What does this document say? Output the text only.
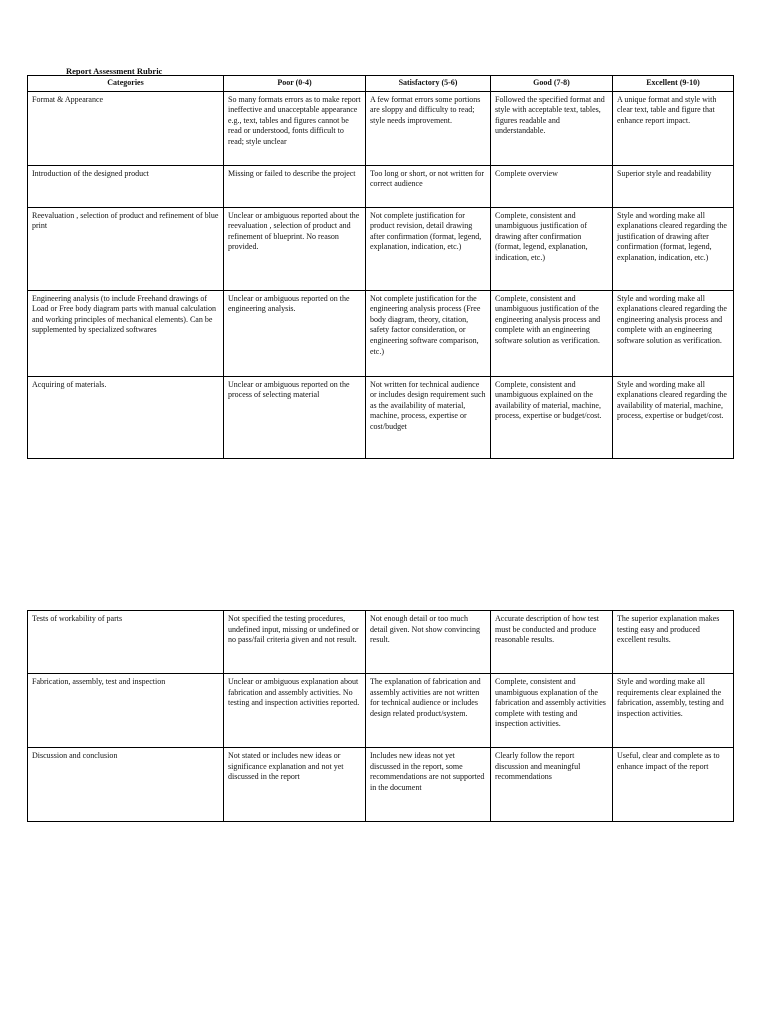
Report Assessment Rubric
Categories	Poor (0-4)	Satisfactory (5-6)	Good (7-8)	Excellent (9-10)
Format & Appearance	So many formats errors as to make report ineffective and unacceptable appearance e.g., text, tables and figures cannot be read or understood, fonts difficult to read; style unclear	A few format errors some portions are sloppy and difficulty to read; style needs improvement.	Followed the specified format and style with acceptable text, tables, figures readable and understandable.	A unique format and style with clear text, table and figure that enhance report impact.
Introduction of the designed product	Missing or failed to describe the project	Too long or short, or not written for correct audience	Complete overview	Superior style and readability
Reevaluation , selection of product and refinement of blue print	Unclear or ambiguous reported about the reevaluation , selection of product and refinement of blueprint. No reason provided.	Not complete justification for product revision, detail drawing after confirmation (format, legend, explanation, indication, etc.)	Complete, consistent and unambiguous justification of drawing after confirmation (format, legend, explanation, indication, etc.)	Style and wording make all explanations cleared regarding the justification of drawing after confirmation (format, legend, explanation, indication, etc.)
Engineering analysis (to include Freehand drawings of Load or Free body diagram parts with manual calculation and working principles of mechanical elements). Can be supplemented by specialized softwares	Unclear or ambiguous reported on the engineering analysis.	Not complete justification for the engineering analysis process (Free body diagram, theory, citation, safety factor consideration, or engineering software comparison, etc.)	Complete, consistent and unambiguous justification of the engineering analysis process and complete with an engineering software solution as verification.	Style and wording make all explanations cleared regarding the engineering analysis process and complete with an engineering software solution as verification.
Acquiring of materials.	Unclear or ambiguous reported on the process of selecting material	Not written for technical audience or includes design requirement such as the availability of material, machine, process, expertise or cost/budget	Complete, consistent and unambiguous explained on the availability of material, machine, process, expertise or budget/cost.	Style and wording make all explanations cleared regarding the availability of material, machine, process, expertise or budget/cost.
Tests of workability of parts	Not specified the testing procedures, undefined input, missing or undefined or no pass/fail criteria given and not result.	Not enough detail or too much detail given. Not show convincing result.	Accurate description of how test must be conducted and produce reasonable results.	The superior explanation makes testing easy and produced excellent results.
Fabrication, assembly, test and inspection	Unclear or ambiguous explanation about fabrication and assembly activities. No testing and inspection activities reported.	The explanation of fabrication and assembly activities are not written for technical audience or includes design related product/system.	Complete, consistent and unambiguous explanation of the fabrication and assembly activities complete with testing and inspection activities.	Style and wording make all requirements clear explained the fabrication, assembly, testing and inspection activities.
Discussion and conclusion	Not stated or includes new ideas or significance explanation and not yet discussed in the report	Includes new ideas not yet discussed in the report, some recommendations are not supported in the document	Clearly follow the report discussion and meaningful recommendations	Useful, clear and complete as to enhance impact of the report
